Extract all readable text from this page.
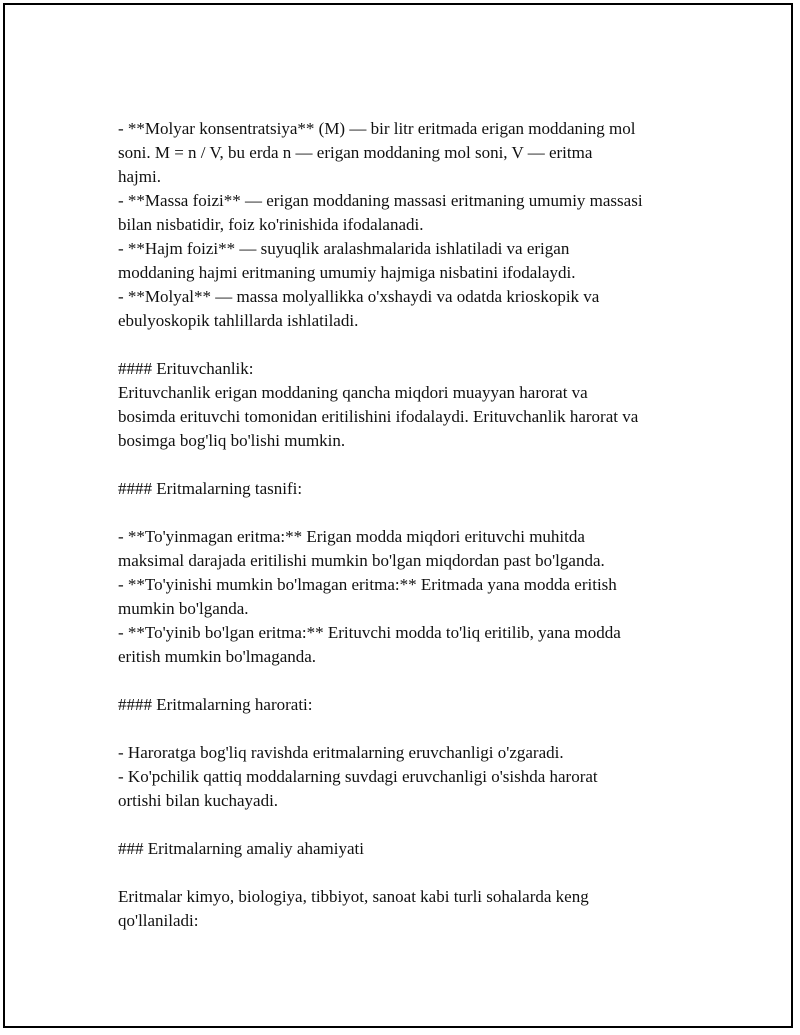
- **Molyar konsentratsiya** (M) — bir litr eritmada erigan moddaning mol

soni. M = n / V, bu erda n — erigan moddaning mol soni, V — eritma

hajmi.

- **Massa foizi** — erigan moddaning massasi eritmaning umumiy massasi

bilan nisbatidir, foiz ko'rinishida ifodalanadi.

- **Hajm foizi** — suyuqlik aralashmalarida ishlatiladi va erigan

moddaning hajmi eritmaning umumiy hajmiga nisbatini ifodalaydi.

- **Molyal** — massa molyallikka o'xshaydi va odatda krioskopik va

ebulyoskopik tahlillarda ishlatiladi.

#### Erituvchanlik:

Erituvchanlik erigan moddaning qancha miqdori muayyan harorat va

bosimda erituvchi tomonidan eritilishini ifodalaydi. Erituvchanlik harorat va

bosimga bog'liq bo'lishi mumkin.

#### Eritmalarning tasnifi:

- **To'yinmagan eritma:** Erigan modda miqdori erituvchi muhitda

maksimal darajada eritilishi mumkin bo'lgan miqdordan past bo'lganda.

- **To'yinishi mumkin bo'lmagan eritma:** Eritmada yana modda eritish

mumkin bo'lganda.

- **To'yinib bo'lgan eritma:** Erituvchi modda to'liq eritilib, yana modda

eritish mumkin bo'lmaganda.

#### Eritmalarning harorati:

- Haroratga bog'liq ravishda eritmalarning eruvchanligi o'zgaradi.

- Ko'pchilik qattiq moddalarning suvdagi eruvchanligi o'sishda harorat

ortishi bilan kuchayadi.

### Eritmalarning amaliy ahamiyati

Eritmalar kimyo, biologiya, tibbiyot, sanoat kabi turli sohalarda keng

qo'llaniladi:
